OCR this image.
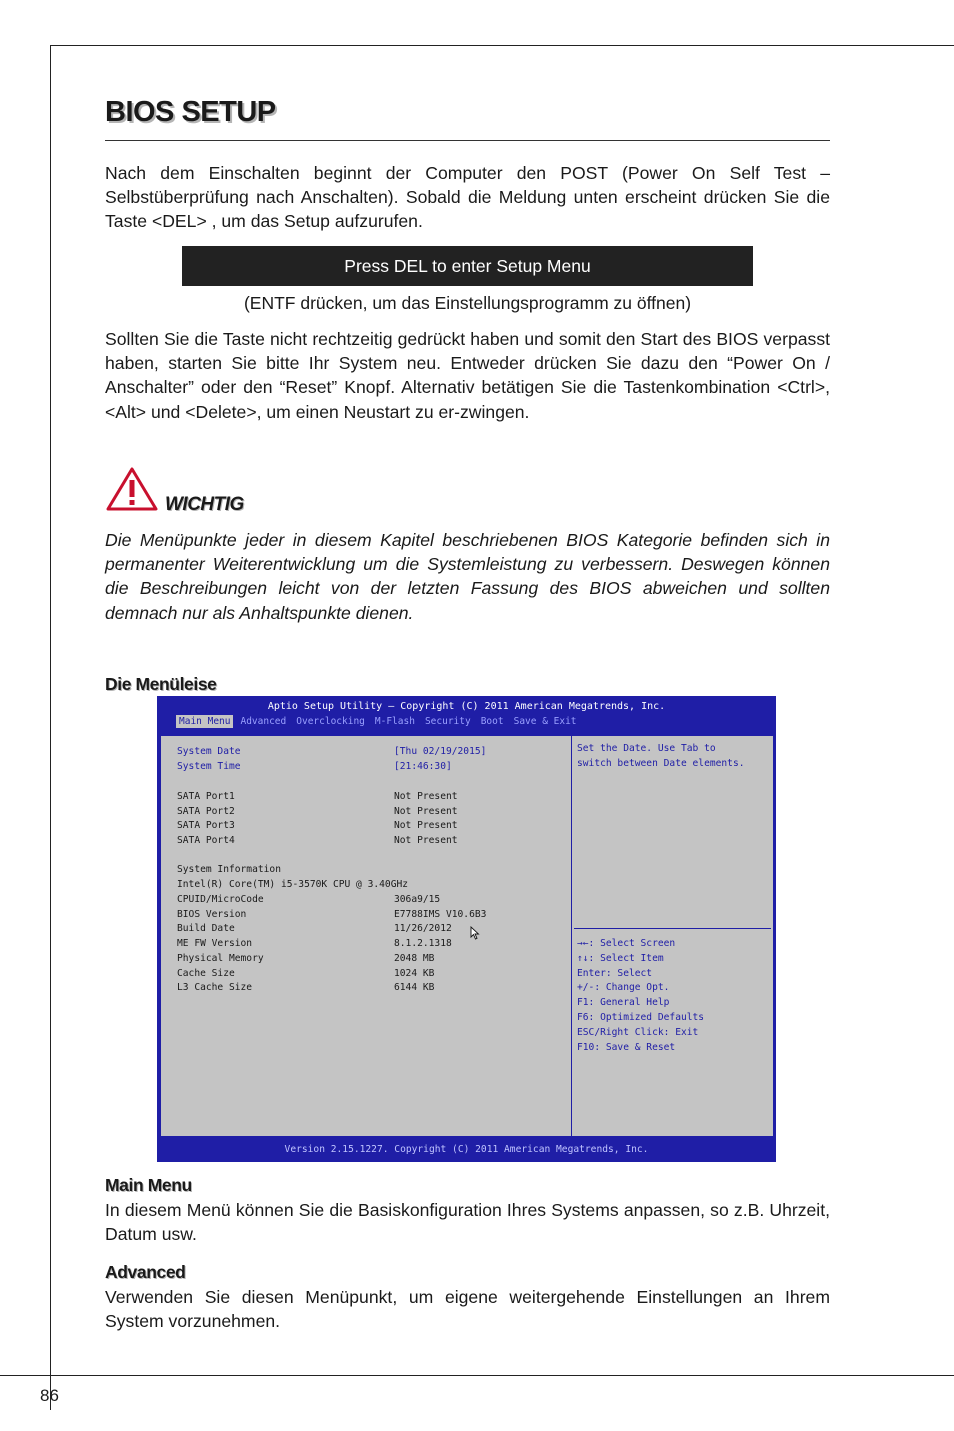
BIOS SETUP

Nach dem Einschalten beginnt der Computer den POST (Power On Self Test – Selbstüberprüfung nach Anschalten). Sobald die Meldung unten erscheint drücken Sie die Taste <DEL> , um das Setup aufzurufen.

Press DEL to enter Setup Menu
(ENTF drücken, um das Einstellungsprogramm zu öffnen)

Sollten Sie die Taste nicht rechtzeitig gedrückt haben und somit den Start des BIOS verpasst haben, starten Sie bitte Ihr System neu. Entweder drücken Sie dazu den “Power On / Anschalter” oder den “Reset” Knopf. Alternativ betätigen Sie die Tastenkombination <Ctrl>, <Alt> und <Delete>, um einen Neustart zu er-zwingen.

WICHTIG

Die Menüpunkte jeder in diesem Kapitel beschriebenen BIOS Kategorie befinden sich in permanenter Weiterentwicklung um die Systemleistung zu verbessern. Deswegen können die Beschreibungen leicht von der letzten Fassung des BIOS abweichen und sollten demnach nur als Anhaltspunkte dienen.

Die Menüleise
Aptio Setup Utility – Copyright (C) 2011 American Megatrends, Inc.
Main Menu Advanced Overclocking M-Flash Security Boot Save & Exit
System Date	[Thu 02/19/2015]
System Time	[21:46:30]
SATA Port1	Not Present
SATA Port2	Not Present
SATA Port3	Not Present
SATA Port4	Not Present
System Information
Intel(R) Core(TM) i5-3570K CPU @ 3.40GHz
CPUID/MicroCode	306a9/15
BIOS Version	E7788IMS V10.6B3
Build Date	11/26/2012
ME FW Version	8.1.2.1318
Physical Memory	2048 MB
Cache Size	1024 KB
L3 Cache Size	6144 KB
Set the Date. Use Tab to
switch between Date elements.
→←: Select Screen
↑↓: Select Item
Enter: Select
+/-: Change Opt.
F1: General Help
F6: Optimized Defaults
ESC/Right Click: Exit
F10: Save & Reset
Version 2.15.1227. Copyright (C) 2011 American Megatrends, Inc.
Main Menu

In diesem Menü können Sie die Basiskonfiguration Ihres Systems anpassen, so z.B. Uhrzeit, Datum usw.

Advanced

Verwenden Sie diesen Menüpunkt, um eigene weitergehende Einstellungen an Ihrem System vorzunehmen.

86
